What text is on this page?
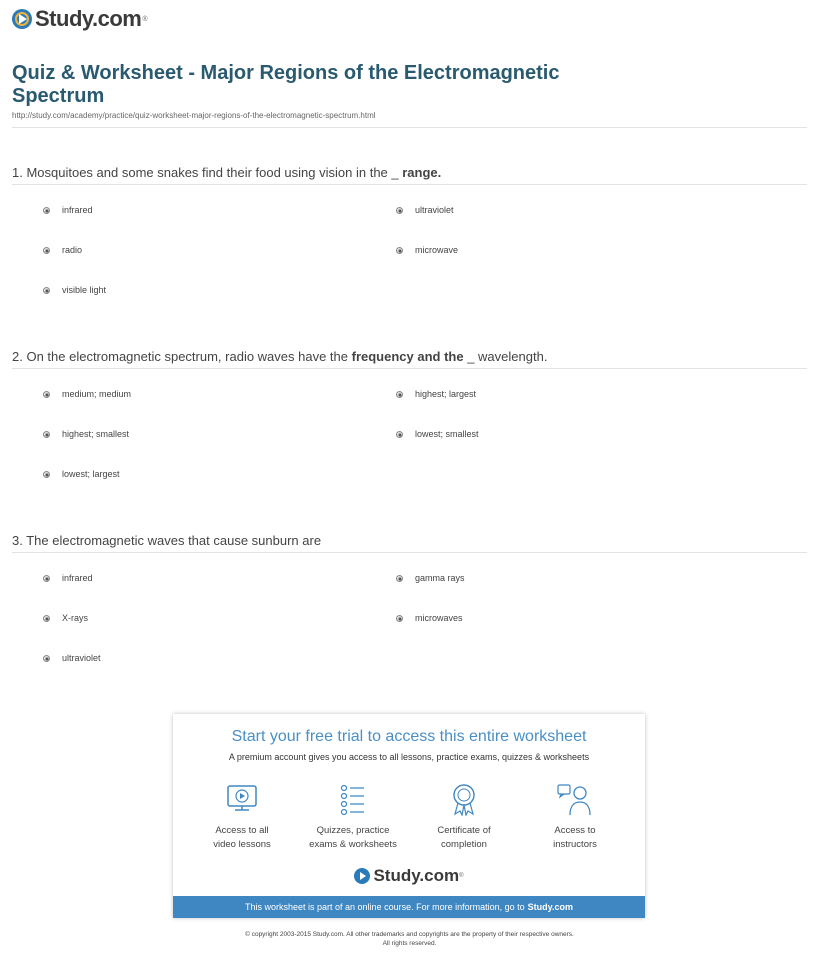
Study.com ®
Quiz & Worksheet - Major Regions of the Electromagnetic Spectrum
http://study.com/academy/practice/quiz-worksheet-major-regions-of-the-electromagnetic-spectrum.html
1. Mosquitoes and some snakes find their food using vision in the _ range.
infrared	ultraviolet
radio	microwave
visible light
2. On the electromagnetic spectrum, radio waves have the frequency and the _ wavelength.
medium; medium	highest; largest
highest; smallest	lowest; smallest
lowest; largest
3. The electromagnetic waves that cause sunburn are
infrared	gamma rays
X-rays	microwaves
ultraviolet
Start your free trial to access this entire worksheet
A premium account gives you access to all lessons, practice exams, quizzes & worksheets
Access to all
video lessons
Quizzes, practice
exams & worksheets
Certificate of
completion
Access to
instructors
Study.com ®
This worksheet is part of an online course. For more information, go to Study.com
© copyright 2003-2015 Study.com. All other trademarks and copyrights are the property of their respective owners.
All rights reserved.
